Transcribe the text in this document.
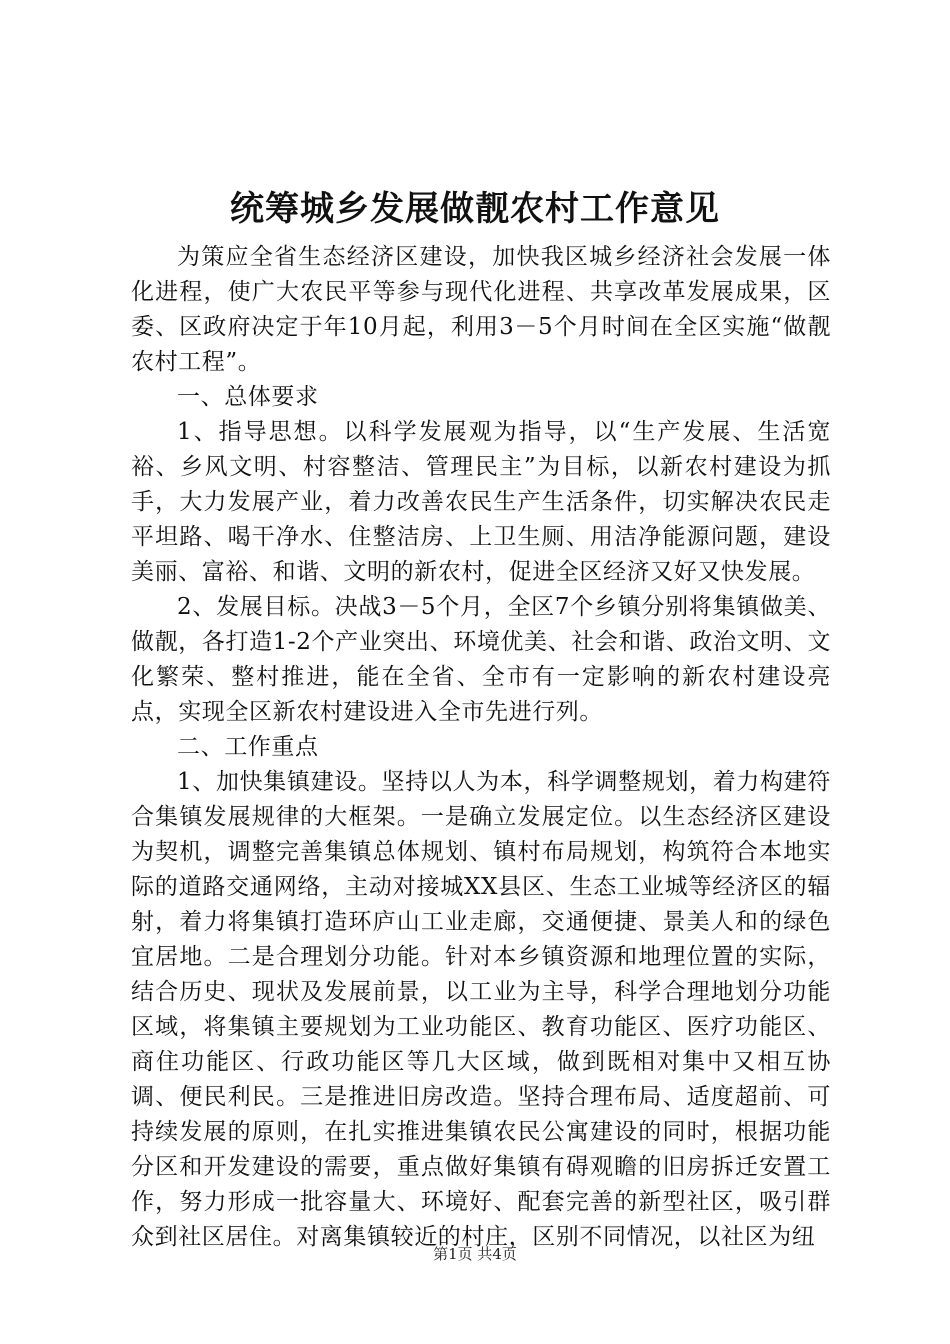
统筹城乡发展做靓农村工作意见

为策应全省生态经济区建设，加快我区城乡经济社会发展一体化进程，使广大农民平等参与现代化进程、共享改革发展成果，区委、区政府决定于年10月起，利用3－5个月时间在全区实施“做靓农村工程”。

一、总体要求

1、指导思想。以科学发展观为指导，以“生产发展、生活宽裕、乡风文明、村容整洁、管理民主”为目标，以新农村建设为抓手，大力发展产业，着力改善农民生产生活条件，切实解决农民走平坦路、喝干净水、住整洁房、上卫生厕、用洁净能源问题，建设美丽、富裕、和谐、文明的新农村，促进全区经济又好又快发展。

2、发展目标。决战3－5个月，全区7个乡镇分别将集镇做美、做靓，各打造1-2个产业突出、环境优美、社会和谐、政治文明、文化繁荣、整村推进，能在全省、全市有一定影响的新农村建设亮点，实现全区新农村建设进入全市先进行列。

二、工作重点

1、加快集镇建设。坚持以人为本，科学调整规划，着力构建符合集镇发展规律的大框架。一是确立发展定位。以生态经济区建设为契机，调整完善集镇总体规划、镇村布局规划，构筑符合本地实际的道路交通网络，主动对接城XX县区、生态工业城等经济区的辐射，着力将集镇打造环庐山工业走廊，交通便捷、景美人和的绿色宜居地。二是合理划分功能。针对本乡镇资源和地理位置的实际，结合历史、现状及发展前景，以工业为主导，科学合理地划分功能区域，将集镇主要规划为工业功能区、教育功能区、医疗功能区、商住功能区、行政功能区等几大区域，做到既相对集中又相互协调、便民利民。三是推进旧房改造。坚持合理布局、适度超前、可持续发展的原则，在扎实推进集镇农民公寓建设的同时，根据功能分区和开发建设的需要，重点做好集镇有碍观瞻的旧房拆迁安置工作，努力形成一批容量大、环境好、配套完善的新型社区，吸引群众到社区居住。对离集镇较近的村庄，区别不同情况，以社区为纽

第1页 共4页
